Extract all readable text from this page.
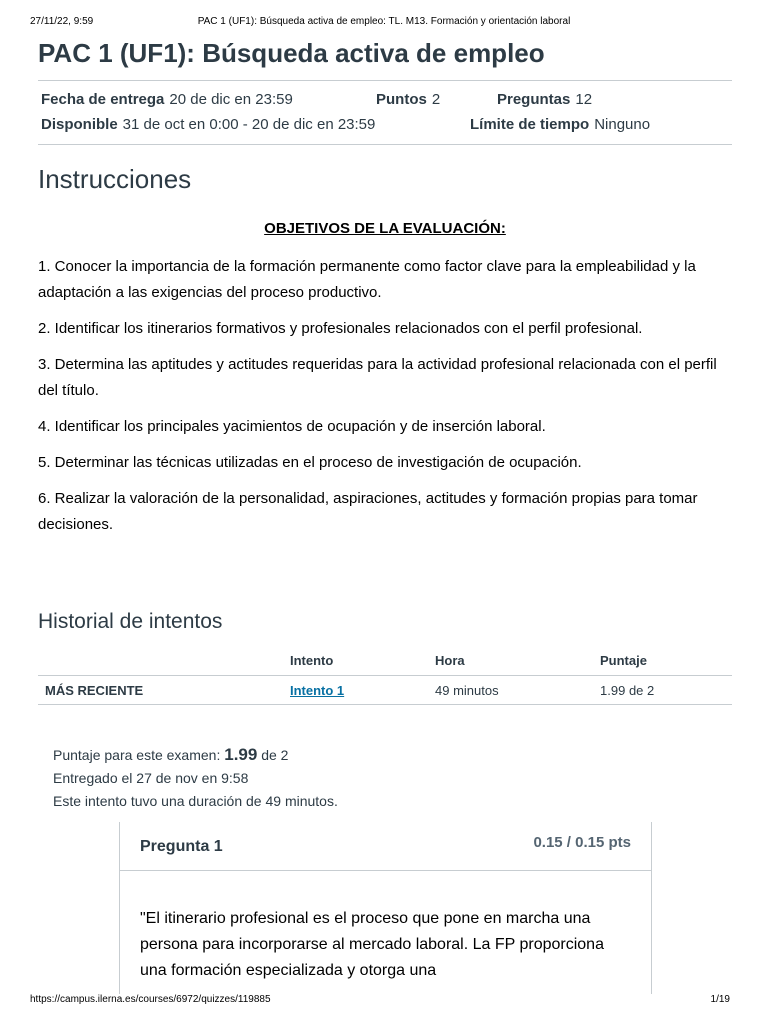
27/11/22, 9:59	PAC 1 (UF1): Búsqueda activa de empleo: TL. M13. Formación y orientación laboral
PAC 1 (UF1): Búsqueda activa de empleo
Fecha de entrega 20 de dic en 23:59	Puntos 2	Preguntas 12
Disponible 31 de oct en 0:00 - 20 de dic en 23:59	Límite de tiempo Ninguno
Instrucciones
OBJETIVOS DE LA EVALUACIÓN:
1. Conocer la importancia de la formación permanente como factor clave para la empleabilidad y la adaptación a las exigencias del proceso productivo.
2. Identificar los itinerarios formativos y profesionales relacionados con el perfil profesional.
3. Determina las aptitudes y actitudes requeridas para la actividad profesional relacionada con el perfil del título.
4. Identificar los principales yacimientos de ocupación y de inserción laboral.
5. Determinar las técnicas utilizadas en el proceso de investigación de ocupación.
6. Realizar la valoración de la personalidad, aspiraciones, actitudes y formación propias para tomar decisiones.
Historial de intentos
	Intento	Hora	Puntaje
MÁS RECIENTE	Intento 1	49 minutos	1.99 de 2
Puntaje para este examen: 1.99 de 2
Entregado el 27 de nov en 9:58
Este intento tuvo una duración de 49 minutos.
Pregunta 1	0.15 / 0.15 pts
"El itinerario profesional es el proceso que pone en marcha una persona para incorporarse al mercado laboral. La FP proporciona una formación especializada y otorga una
https://campus.ilerna.es/courses/6972/quizzes/119885	1/19
